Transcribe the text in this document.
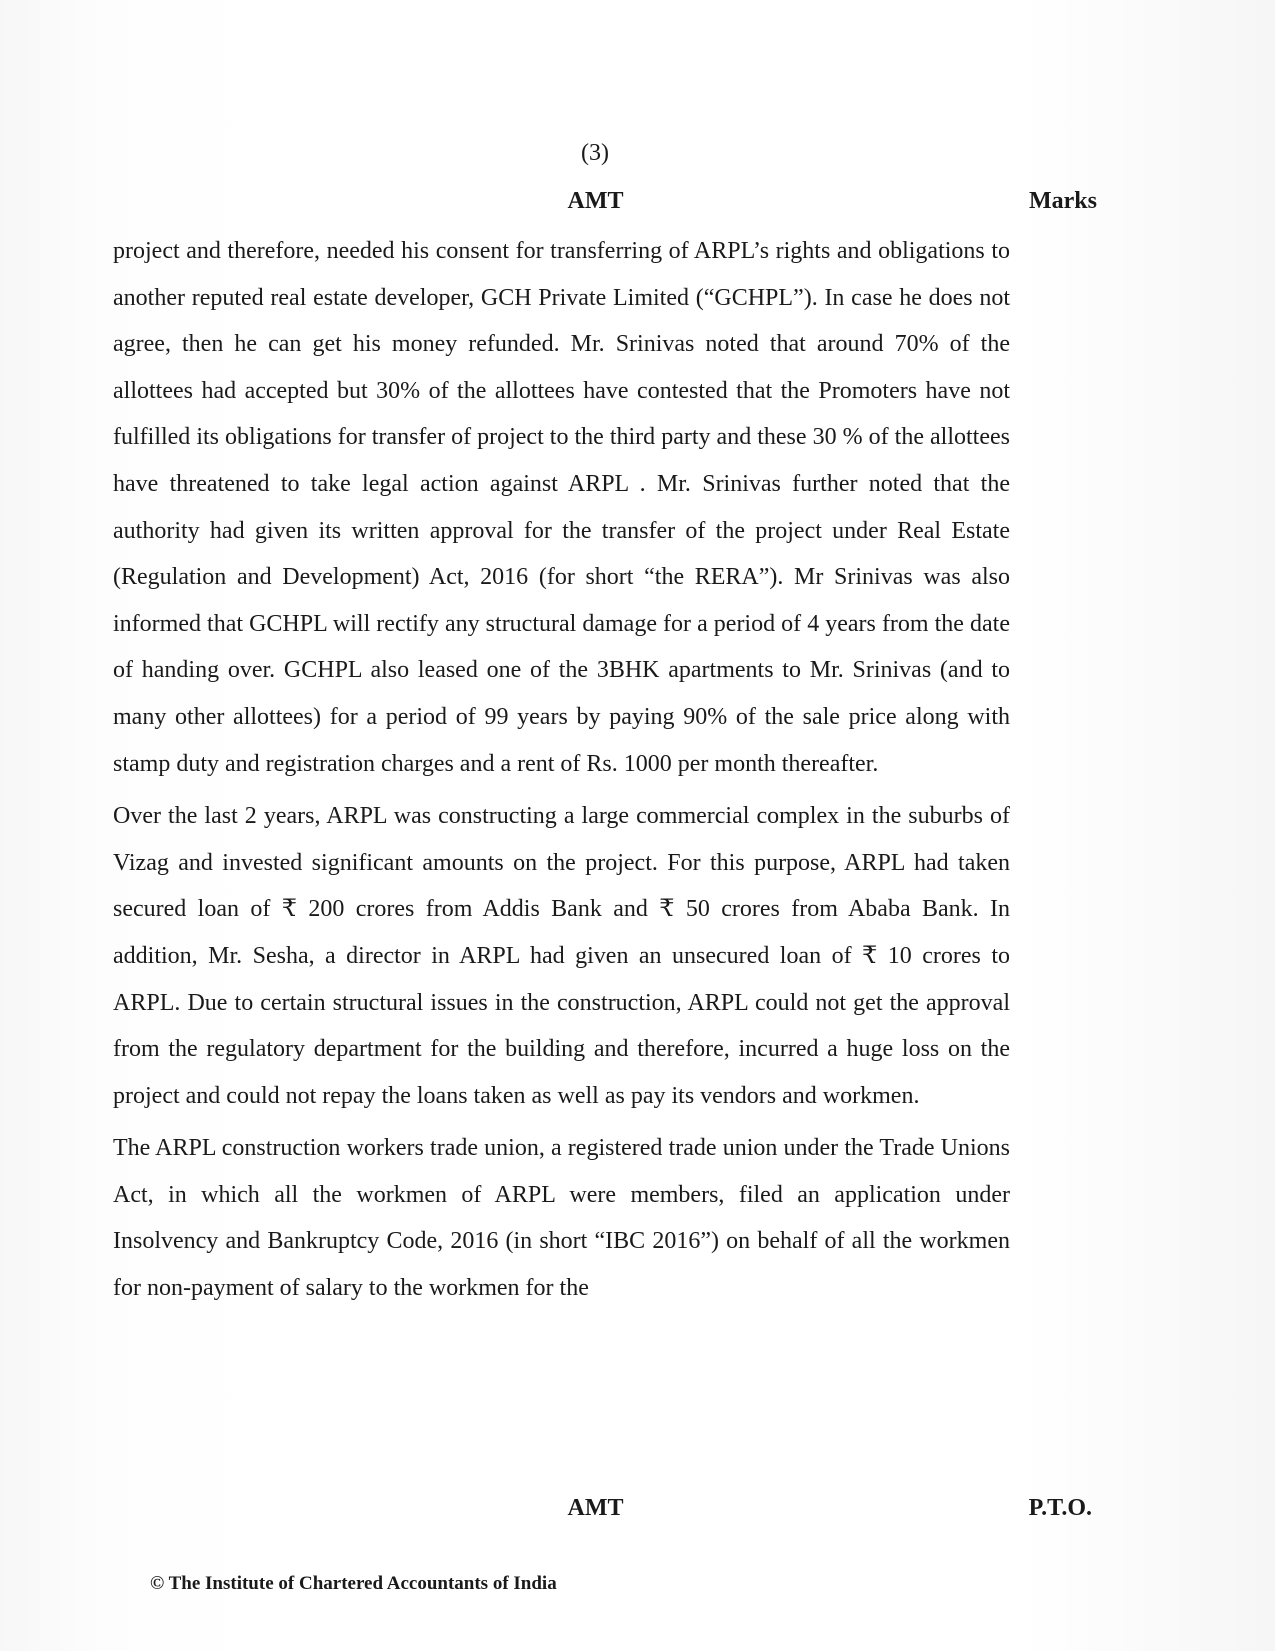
(3)
AMT	Marks

project and therefore, needed his consent for transferring of ARPL’s rights and obligations to another reputed real estate developer, GCH Private Limited (“GCHPL”). In case he does not agree, then he can get his money refunded. Mr. Srinivas noted that around 70% of the allottees had accepted but 30% of the allottees have contested that the Promoters have not fulfilled its obligations for transfer of project to the third party and these 30 % of the allottees have threatened to take legal action against ARPL . Mr. Srinivas further noted that the authority had given its written approval for the transfer of the project under Real Estate (Regulation and Development) Act, 2016 (for short “the RERA”). Mr Srinivas was also informed that GCHPL will rectify any structural damage for a period of 4 years from the date of handing over. GCHPL also leased one of the 3BHK apartments to Mr. Srinivas (and to many other allottees) for a period of 99 years by paying 90% of the sale price along with stamp duty and registration charges and a rent of Rs. 1000 per month thereafter.

Over the last 2 years, ARPL was constructing a large commercial complex in the suburbs of Vizag and invested significant amounts on the project. For this purpose, ARPL had taken secured loan of ₹ 200 crores from Addis Bank and ₹ 50 crores from Ababa Bank. In addition, Mr. Sesha, a director in ARPL had given an unsecured loan of ₹ 10 crores to ARPL. Due to certain structural issues in the construction, ARPL could not get the approval from the regulatory department for the building and therefore, incurred a huge loss on the project and could not repay the loans taken as well as pay its vendors and workmen.

The ARPL construction workers trade union, a registered trade union under the Trade Unions Act, in which all the workmen of ARPL were members, filed an application under Insolvency and Bankruptcy Code, 2016 (in short “IBC 2016”) on behalf of all the workmen for non-payment of salary to the workmen for the

AMT	P.T.O.
© The Institute of Chartered Accountants of India
